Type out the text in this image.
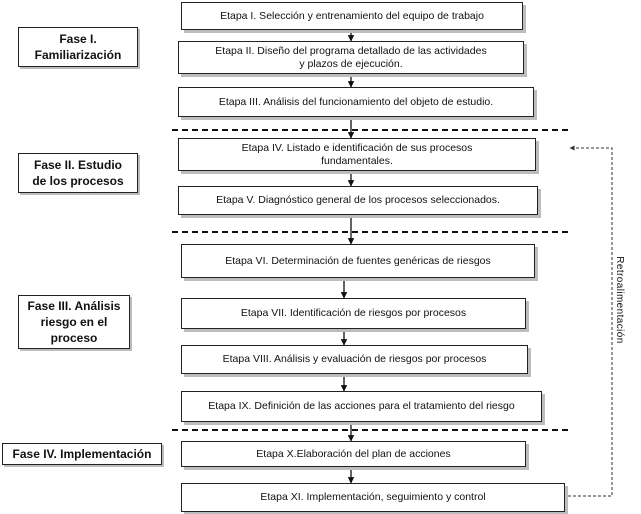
Fase I.
Familiarización
Fase II. Estudio
de los procesos
Fase III. Análisis
riesgo en el
proceso
Fase IV. Implementación
Etapa I. Selección y entrenamiento del equipo de trabajo
Etapa II. Diseño del programa detallado de las actividades
y plazos de ejecución.
Etapa III. Análisis del funcionamiento del objeto de estudio.
Etapa IV. Listado e identificación de sus procesos
fundamentales.
Etapa V. Diagnóstico general de los procesos seleccionados.
Etapa VI. Determinación de fuentes genéricas de riesgos
Etapa VII. Identificación de riesgos por procesos
Etapa VIII. Análisis y evaluación de riesgos por procesos
Etapa IX. Definición de las acciones para el tratamiento del riesgo
Etapa X.Elaboración del plan de acciones
Etapa XI. Implementación, seguimiento y control
Retroalimentación
